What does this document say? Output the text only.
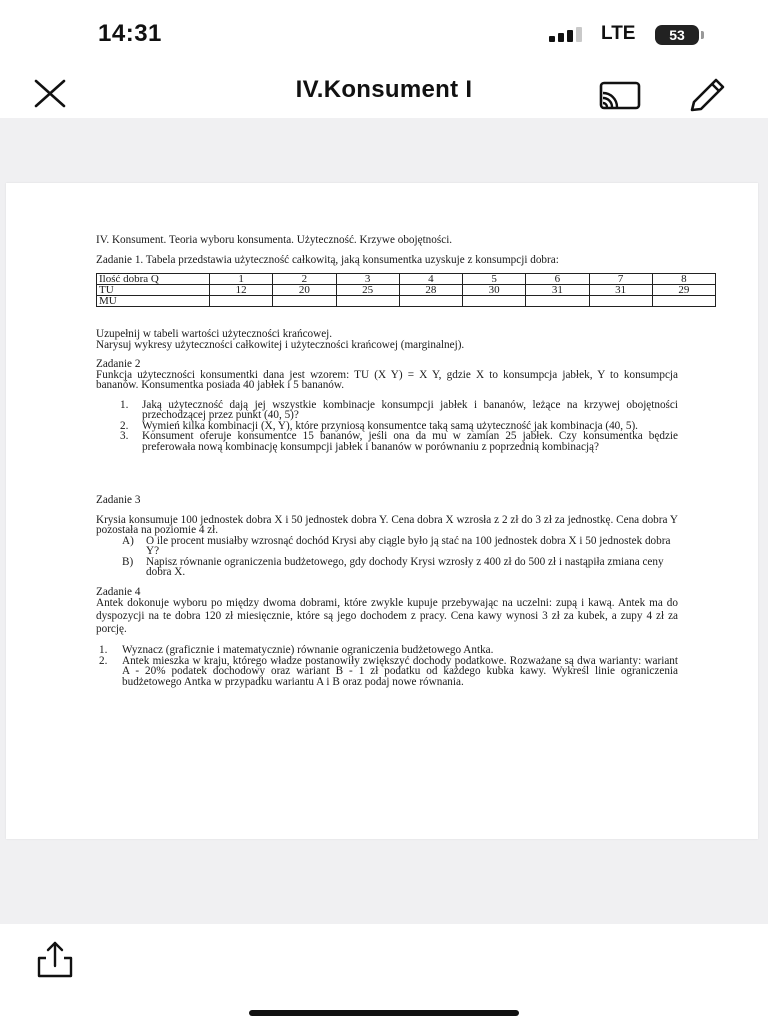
14:31	LTE	53
IV.Konsument I

IV. Konsument. Teoria wyboru konsumenta. Użyteczność. Krzywe obojętności.

Zadanie 1. Tabela przedstawia użyteczność całkowitą, jaką konsumentka uzyskuje z konsumpcji dobra:

Ilość dobra Q	1	2	3	4	5	6	7	8
TU	12	20	25	28	30	31	31	29
MU								

Uzupełnij w tabeli wartości użyteczności krańcowej.

Narysuj wykresy użyteczności całkowitej i użyteczności krańcowej (marginalnej).

Zadanie 2

Funkcja użyteczności konsumentki dana jest wzorem: TU (X Y) = X Y, gdzie X to konsumpcja jabłek, Y to konsumpcja bananów. Konsumentka posiada 40 jabłek i 5 bananów.

1. Jaką użyteczność dają jej wszystkie kombinacje konsumpcji jabłek i bananów, leżące na krzywej obojętności przechodzącej przez punkt (40, 5)?
2. Wymień kilka kombinacji (X, Y), które przyniosą konsumentce taką samą użyteczność jak kombinacja (40, 5).
3. Konsument oferuje konsumentce 15 bananów, jeśli ona da mu w zamian 25 jabłek. Czy konsumentka będzie preferowała nową kombinację konsumpcji jabłek i bananów w porównaniu z poprzednią kombinacją?

Zadanie 3

Krysia konsumuje 100 jednostek dobra X i 50 jednostek dobra Y. Cena dobra X wzrosła z 2 zł do 3 zł za jednostkę. Cena dobra Y pozostała na poziomie 4 zł.

A) O ile procent musiałby wzrosnąć dochód Krysi aby ciągle było ją stać na 100 jednostek dobra X i 50 jednostek dobra Y?
B) Napisz równanie ograniczenia budżetowego, gdy dochody Krysi wzrosły z 400 zł do 500 zł i nastąpiła zmiana ceny dobra X.

Zadanie 4

Antek dokonuje wyboru po między dwoma dobrami, które zwykle kupuje przebywając na uczelni: zupą i kawą. Antek ma do dyspozycji na te dobra 120 zł miesięcznie, które są jego dochodem z pracy. Cena kawy wynosi 3 zł za kubek, a zupy 4 zł za porcję.

1. Wyznacz (graficznie i matematycznie) równanie ograniczenia budżetowego Antka.
2. Antek mieszka w kraju, którego władze postanowiły zwiększyć dochody podatkowe. Rozważane są dwa warianty: wariant A - 20% podatek dochodowy oraz wariant B - 1 zł podatku od każdego kubka kawy. Wykreśl linie ograniczenia budżetowego Antka w przypadku wariantu A i B oraz podaj nowe równania.
